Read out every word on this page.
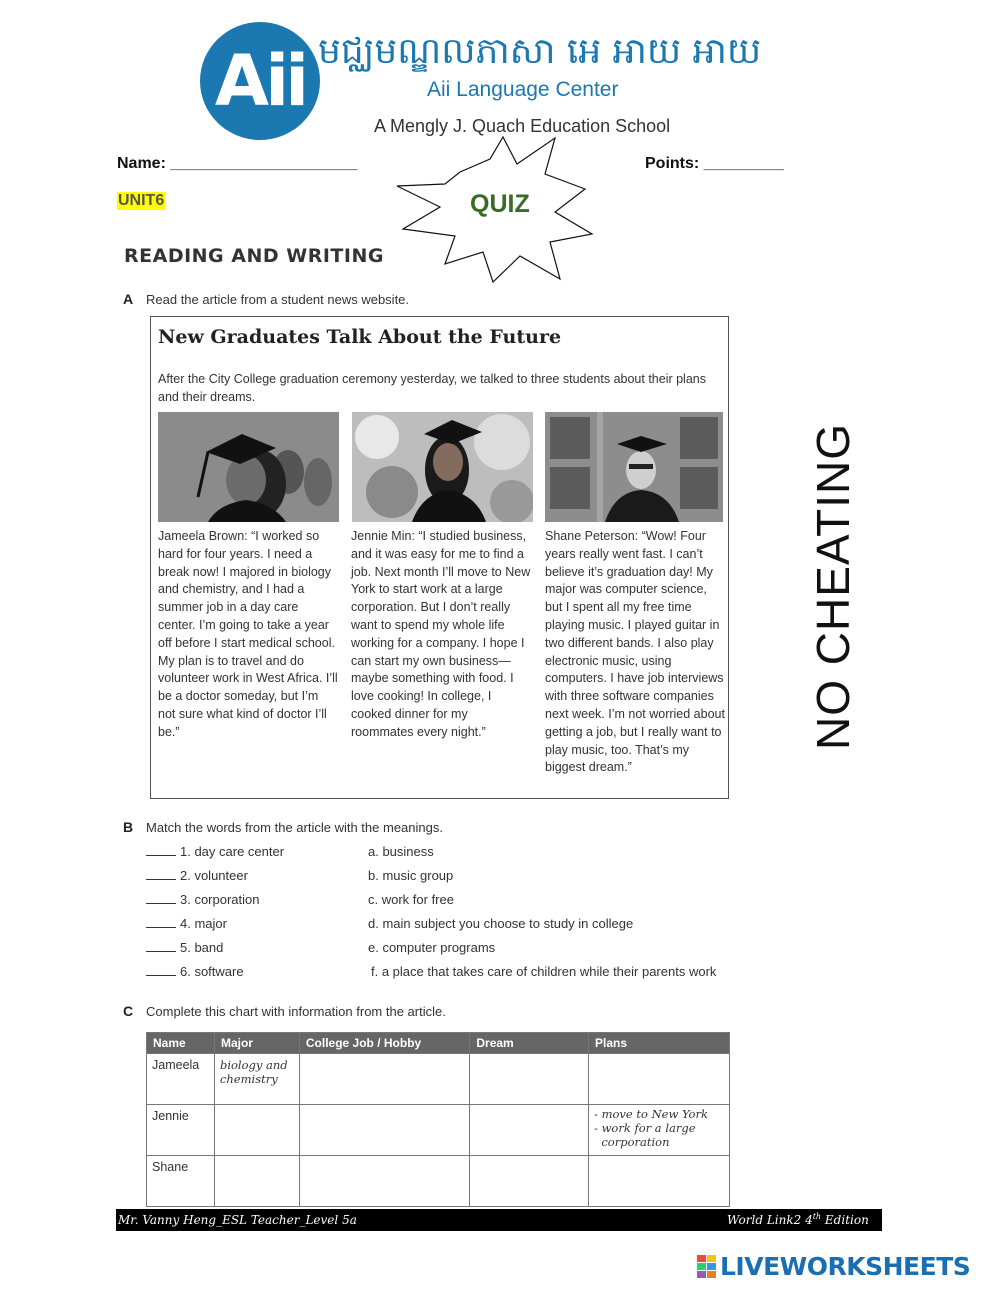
Aii មជ្ឈមណ្ឌលភាសា អេ អាយ អាយ
Aii Language Center
A Mengly J. Quach Education School
Name: _____________________	Points: _________
UNIT6	QUIZ
READING AND WRITING
A Read the article from a student news website.
New Graduates Talk About the Future
After the City College graduation ceremony yesterday, we talked to three students about their plans and their dreams.
Jameela Brown: “I worked so hard for four years. I need a break now! I majored in biology and chemistry, and I had a summer job in a day care center. I’m going to take a year off before I start medical school. My plan is to travel and do volunteer work in West Africa. I’ll be a doctor someday, but I’m not sure what kind of doctor I’ll be.”
Jennie Min: “I studied business, and it was easy for me to find a job. Next month I’ll move to New York to start work at a large corporation. But I don’t really want to spend my whole life working for a company. I hope I can start my own business— maybe something with food. I love cooking! In college, I cooked dinner for my roommates every night.”
Shane Peterson: “Wow! Four years really went fast. I can’t believe it’s graduation day! My major was computer science, but I spent all my free time playing music. I played guitar in two different bands. I also play electronic music, using computers. I have job interviews with three software companies next week. I’m not worried about getting a job, but I really want to play music, too. That’s my biggest dream.”
NO CHEATING
B Match the words from the article with the meanings.
1. day care center
2. volunteer
3. corporation
4. major
5. band
6. software
a. business
b. music group
c. work for free
d. main subject you choose to study in college
e. computer programs
f. a place that takes care of children while their parents work
C Complete this chart with information from the article.
Name	Major	College Job / Hobby	Dream	Plans
Jameela	biology and chemistry			
Jennie				- move to New York
- work for a large
corporation
Shane				
Mr. Vanny Heng_ESL Teacher_Level 5a	World Link2 4th Edition
LIVEWORKSHEETS
